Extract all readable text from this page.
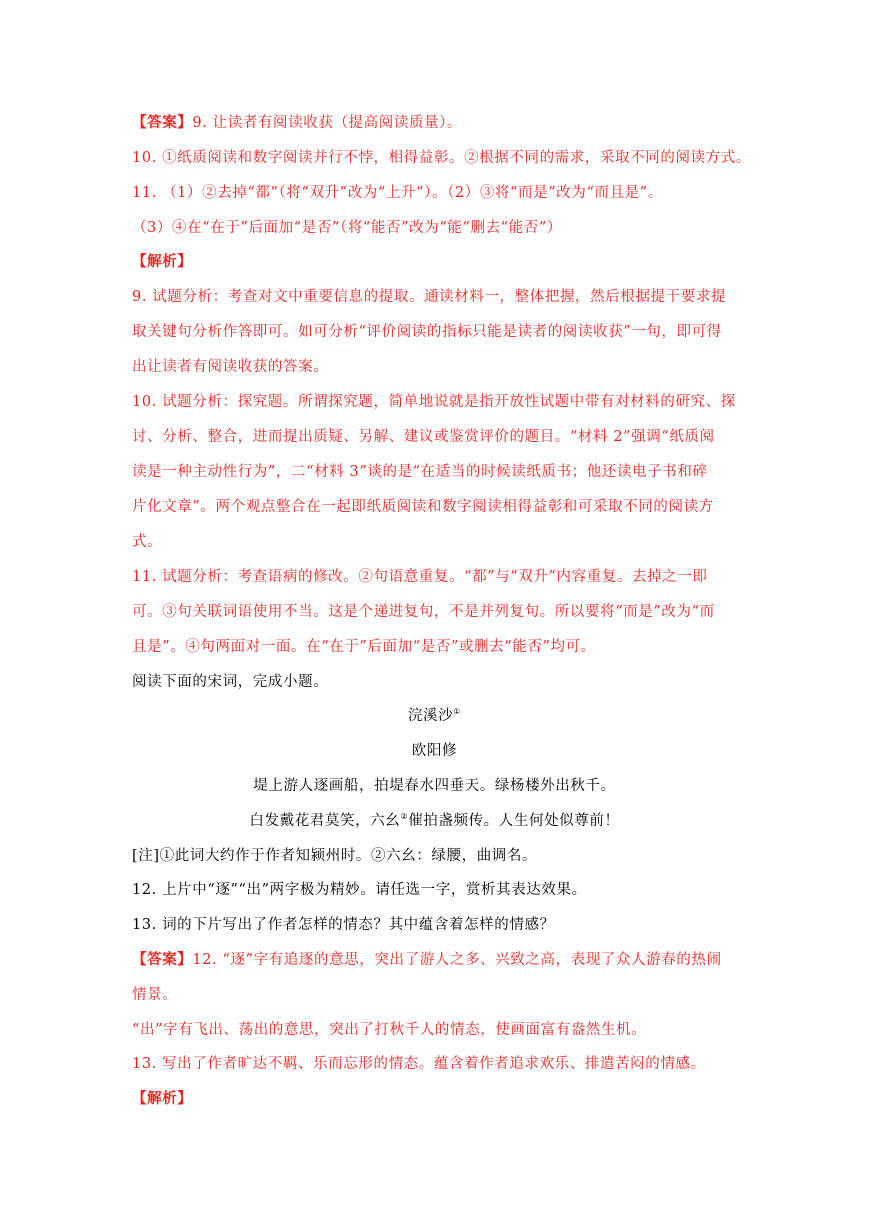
【答案】9. 让读者有阅读收获（提高阅读质量）。
10. ①纸质阅读和数字阅读并行不悖，相得益彰。②根据不同的需求，采取不同的阅读方式。
11. （1）②去掉“都”（将“双升”改为“上升”）。（2）③将“而是”改为“而且是”。
（3）④在“在于”后面加“是否”（将“能否”改为“能”删去“能否”）
【解析】
9. 试题分析：考查对文中重要信息的提取。通读材料一，整体把握，然后根据提干要求提
取关键句分析作答即可。如可分析“评价阅读的指标只能是读者的阅读收获”一句，即可得
出让读者有阅读收获的答案。
10. 试题分析：探究题。所谓探究题，简单地说就是指开放性试题中带有对材料的研究、探
讨、分析、整合，进而提出质疑、另解、建议或鉴赏评价的题目。“材料 2”强调“纸质阅
读是一种主动性行为”，二“材料 3”谈的是“在适当的时候读纸质书；他还读电子书和碎
片化文章”。两个观点整合在一起即纸质阅读和数字阅读相得益彰和可采取不同的阅读方
式。
11. 试题分析：考查语病的修改。②句语意重复。“都”与“双升”内容重复。去掉之一即
可。③句关联词语使用不当。这是个递进复句，不是并列复句。所以要将“而是”改为“而
且是”。④句两面对一面。在“在于”后面加“是否”或删去“能否”均可。
阅读下面的宋词，完成小题。
浣溪沙①
欧阳修
堤上游人逐画船，拍堤春水四垂天。绿杨楼外出秋千。
白发戴花君莫笑，六幺②催拍盏频传。人生何处似尊前！
[注]①此词大约作于作者知颍州时。②六幺：绿腰，曲调名。
12. 上片中“逐”“出”两字极为精妙。请任选一字，赏析其表达效果。
13. 词的下片写出了作者怎样的情态？其中蕴含着怎样的情感？
【答案】12. “逐”字有追逐的意思，突出了游人之多、兴致之高，表现了众人游春的热闹
情景。
“出”字有飞出、荡出的意思，突出了打秋千人的情态，使画面富有盎然生机。
13. 写出了作者旷达不羁、乐而忘形的情态。蕴含着作者追求欢乐、排遣苦闷的情感。
【解析】
